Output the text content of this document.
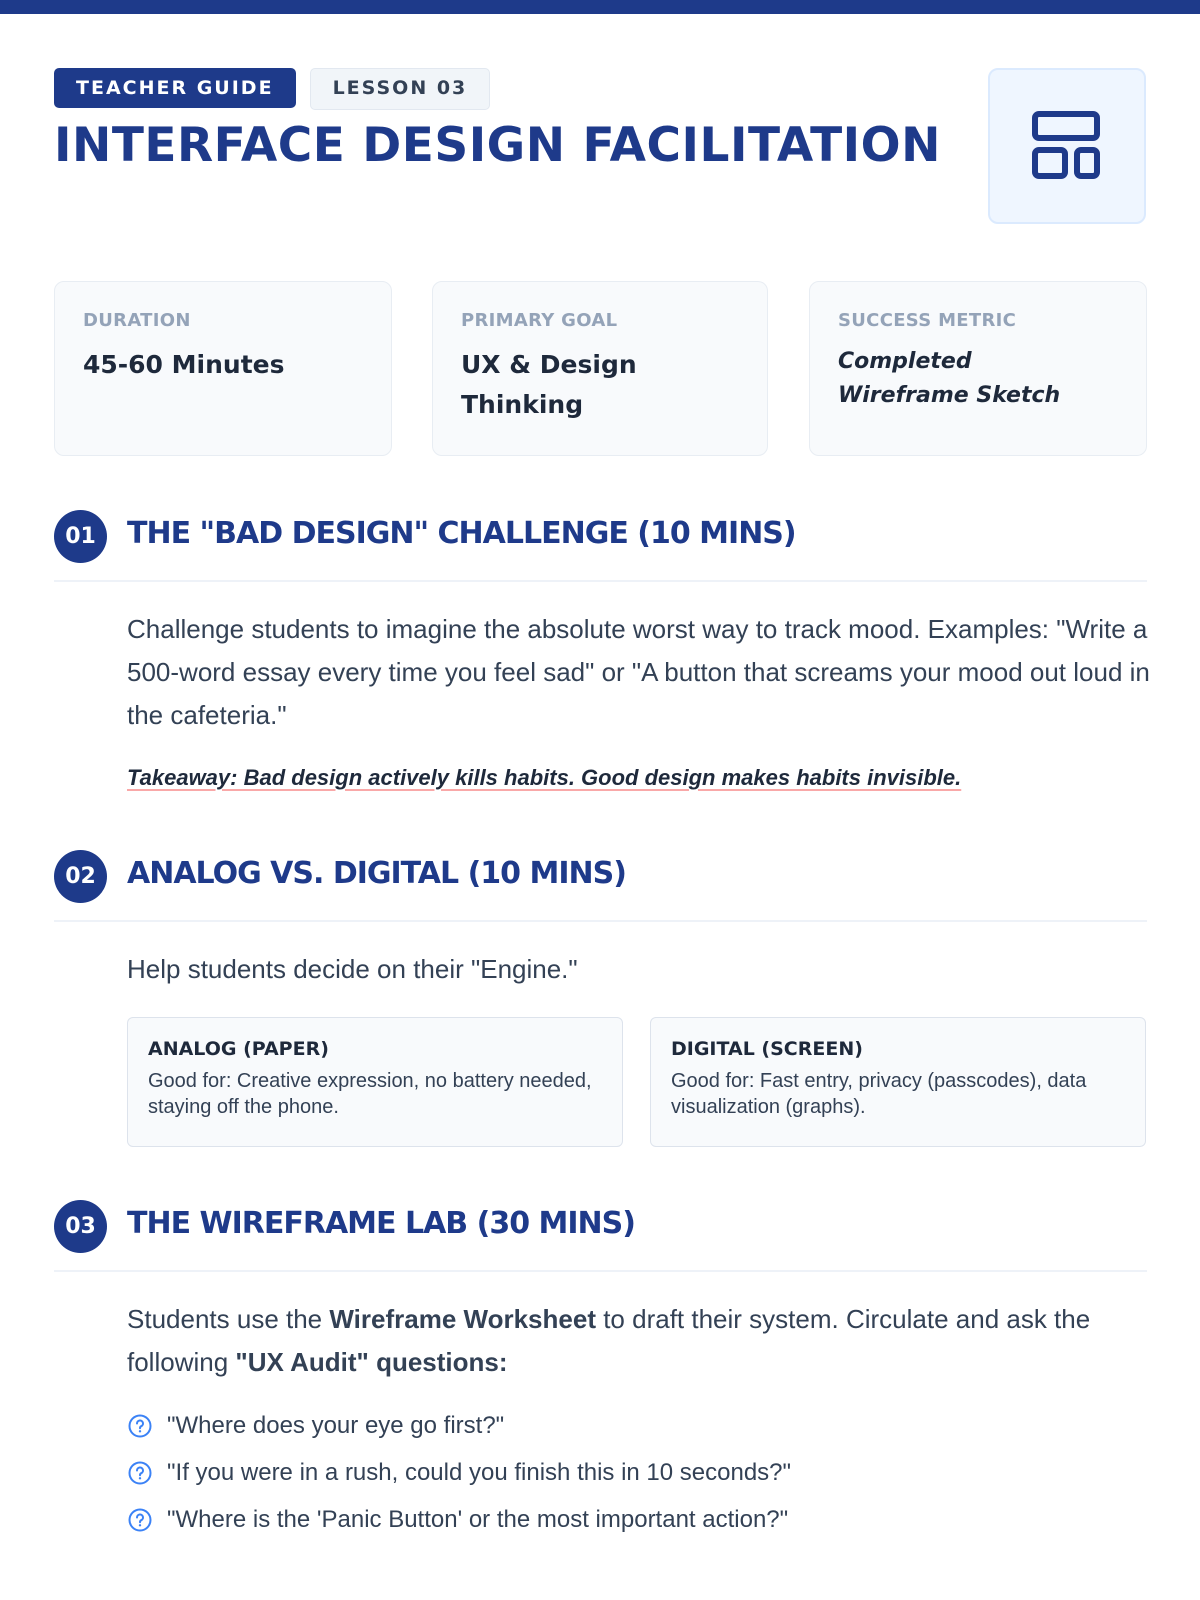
TEACHER GUIDE	LESSON 03
INTERFACE DESIGN FACILITATION
DURATION
45-60 Minutes
PRIMARY GOAL
UX & Design Thinking
SUCCESS METRIC
Completed Wireframe Sketch
01	THE "BAD DESIGN" CHALLENGE (10 MINS)

Challenge students to imagine the absolute worst way to track mood. Examples: "Write a 500-word essay every time you feel sad" or "A button that screams your mood out loud in the cafeteria."

Takeaway: Bad design actively kills habits. Good design makes habits invisible.
02	ANALOG VS. DIGITAL (10 MINS)

Help students decide on their "Engine."

ANALOG (PAPER)
Good for: Creative expression, no battery needed, staying off the phone.
DIGITAL (SCREEN)
Good for: Fast entry, privacy (passcodes), data visualization (graphs).
03	THE WIREFRAME LAB (30 MINS)

Students use the Wireframe Worksheet to draft their system. Circulate and ask the following "UX Audit" questions:

"Where does your eye go first?"
"If you were in a rush, could you finish this in 10 seconds?"
"Where is the 'Panic Button' or the most important action?"
